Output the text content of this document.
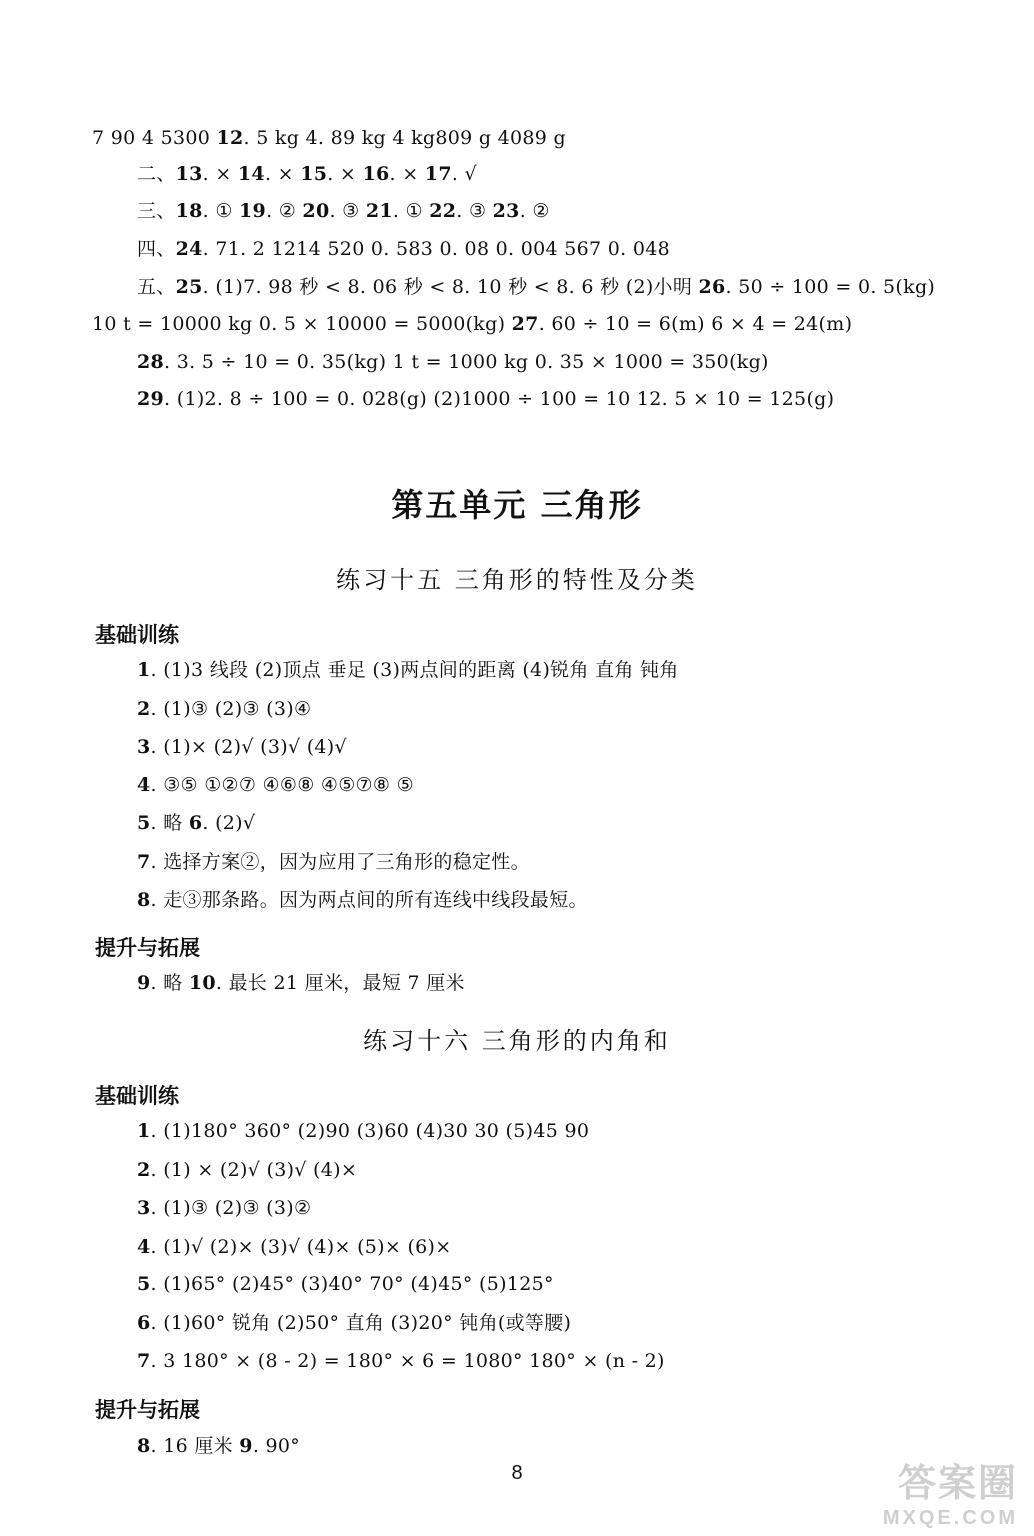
7 90 4 5300 12. 5 kg 4. 89 kg 4 kg809 g 4089 g
二、13. × 14. × 15. × 16. × 17. √
三、18. ① 19. ② 20. ③ 21. ① 22. ③ 23. ②
四、24. 71. 2 1214 520 0. 583 0. 08 0. 004 567 0. 048
五、25. (1)7. 98 秒 < 8. 06 秒 < 8. 10 秒 < 8. 6 秒 (2)小明 26. 50 ÷ 100 = 0. 5(kg)
10 t = 10000 kg 0. 5 × 10000 = 5000(kg) 27. 60 ÷ 10 = 6(m) 6 × 4 = 24(m)
28. 3. 5 ÷ 10 = 0. 35(kg) 1 t = 1000 kg 0. 35 × 1000 = 350(kg)
29. (1)2. 8 ÷ 100 = 0. 028(g) (2)1000 ÷ 100 = 10 12. 5 × 10 = 125(g)
第五单元 三角形
练习十五 三角形的特性及分类
基础训练
1. (1)3 线段 (2)顶点 垂足 (3)两点间的距离 (4)锐角 直角 钝角
2. (1)③ (2)③ (3)④
3. (1)× (2)√ (3)√ (4)√
4. ③⑤ ①②⑦ ④⑥⑧ ④⑤⑦⑧ ⑤
5. 略 6. (2)√
7. 选择方案②，因为应用了三角形的稳定性。
8. 走③那条路。因为两点间的所有连线中线段最短。
提升与拓展
9. 略 10. 最长 21 厘米，最短 7 厘米
练习十六 三角形的内角和
基础训练
1. (1)180° 360° (2)90 (3)60 (4)30 30 (5)45 90
2. (1) × (2)√ (3)√ (4)×
3. (1)③ (2)③ (3)②
4. (1)√ (2)× (3)√ (4)× (5)× (6)×
5. (1)65° (2)45° (3)40° 70° (4)45° (5)125°
6. (1)60° 锐角 (2)50° 直角 (3)20° 钝角(或等腰)
7. 3 180° × (8 - 2) = 180° × 6 = 1080° 180° × (n - 2)
提升与拓展
8. 16 厘米 9. 90°
8	答案圈
MXQE.COM
